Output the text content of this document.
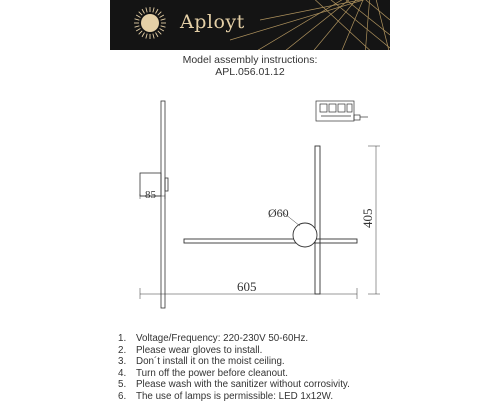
Aployt
Model assembly instructions:
APL.056.01.12
85
Ø60	405
605
1. Voltage/Frequency: 220-230V 50-60Hz.
2. Please wear gloves to install.
3. Don´t install it on the moist ceiling.
4. Turn off the power before cleanout.
5. Please wash with the sanitizer without corrosivity.
6. The use of lamps is permissible: LED 1x12W.
